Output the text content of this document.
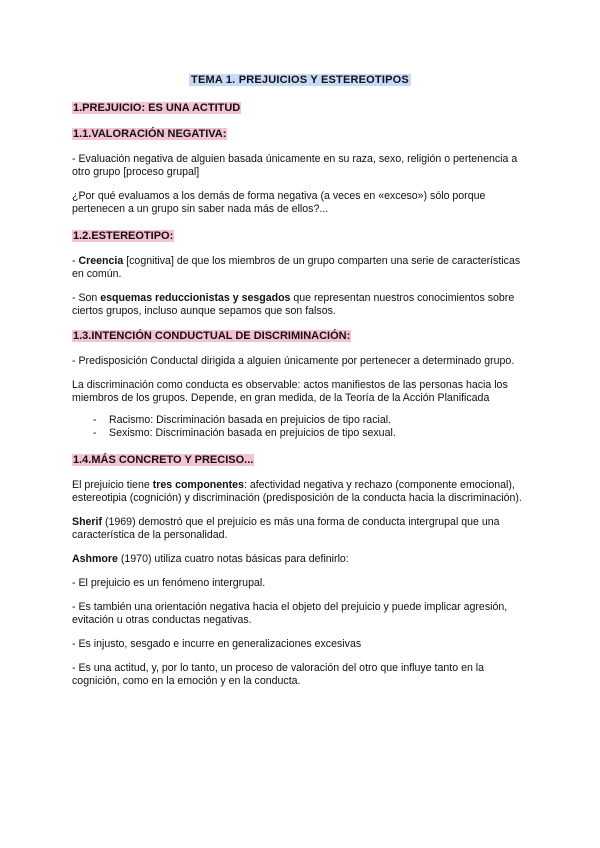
TEMA 1. PREJUICIOS Y ESTEREOTIPOS
1.PREJUICIO: ES UNA ACTITUD
1.1.VALORACIÓN NEGATIVA:

- Evaluación negativa de alguien basada únicamente en su raza, sexo, religión o pertenencia a otro grupo [proceso grupal]

¿Por qué evaluamos a los demás de forma negativa (a veces en «exceso») sólo porque pertenecen a un grupo sin saber nada más de ellos?...

1.2.ESTEREOTIPO:

- Creencia [cognitiva] de que los miembros de un grupo comparten una serie de características en común.

- Son esquemas reduccionistas y sesgados que representan nuestros conocimientos sobre ciertos grupos, incluso aunque sepamos que son falsos.

1.3.INTENCIÓN CONDUCTUAL DE DISCRIMINACIÓN:

- Predisposición Conductal dirigida a alguien únicamente por pertenecer a determinado grupo.

La discriminación como conducta es observable: actos manifiestos de las personas hacia los miembros de los grupos. Depende, en gran medida, de la Teoría de la Acción Planificada

- Racismo: Discriminación basada en prejuicios de tipo racial.
- Sexismo: Discriminación basada en prejuicios de tipo sexual.
1.4.MÁS CONCRETO Y PRECISO...

El prejuicio tiene tres componentes: afectividad negativa y rechazo (componente emocional), estereotipia (cognición) y discriminación (predisposición de la conducta hacia la discriminación).

Sherif (1969) demostró que el prejuicio es más una forma de conducta intergrupal que una característica de la personalidad.

Ashmore (1970) utiliza cuatro notas básicas para definirlo:

- El prejuicio es un fenómeno intergrupal.

- Es también una orientación negativa hacia el objeto del prejuicio y puede implicar agresión, evitación u otras conductas negativas.

- Es injusto, sesgado e incurre en generalizaciones excesivas

- Es una actitud, y, por lo tanto, un proceso de valoración del otro que influye tanto en la cognición, como en la emoción y en la conducta.
